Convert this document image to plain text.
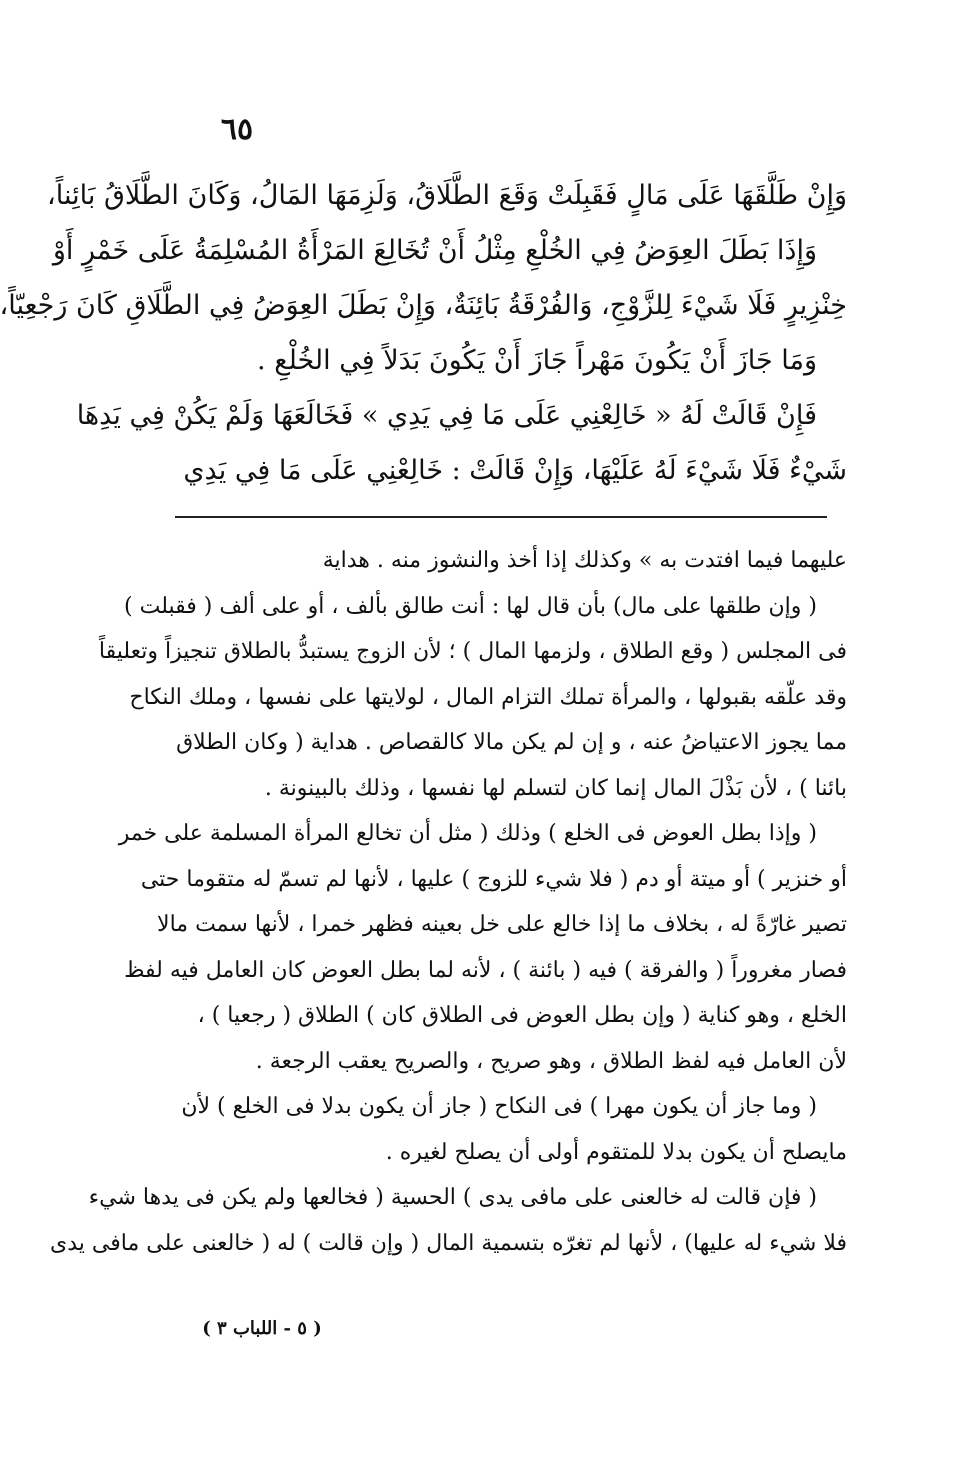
٦٥
وَإِنْ طَلَّقَهَا عَلَى مَالٍ فَقَبِلَتْ وَقَعَ الطَّلَاقُ، وَلَزِمَهَا المَالُ، وَكَانَ الطَّلَاقُ بَائِناً،
وَإِذَا بَطَلَ العِوَضُ فِي الخُلْعِ مِثْلُ أَنْ تُخَالِعَ المَرْأَةُ المُسْلِمَةُ عَلَى خَمْرٍ أَوْ
خِنْزِيرٍ فَلَا شَيْءَ لِلزَّوْجِ، وَالفُرْقَةُ بَائِنَةٌ، وَإِنْ بَطَلَ العِوَضُ فِي الطَّلَاقِ كَانَ رَجْعِيّاً،
وَمَا جَازَ أَنْ يَكُونَ مَهْراً جَازَ أَنْ يَكُونَ بَدَلاً فِي الخُلْعِ .
فَإِنْ قَالَتْ لَهُ « خَالِعْنِي عَلَى مَا فِي يَدِي » فَخَالَعَهَا وَلَمْ يَكُنْ فِي يَدِهَا
شَيْءٌ فَلَا شَيْءَ لَهُ عَلَيْهَا، وَإِنْ قَالَتْ : خَالِعْنِي عَلَى مَا فِي يَدِي
عليهما فيما افتدت به » وكذلك إذا أخذ والنشوز منه . هداية
( وإن طلقها على مال) بأن قال لها : أنت طالق بألف ، أو على ألف ( فقبلت )
فى المجلس ( وقع الطلاق ، ولزمها المال ) ؛ لأن الزوج يستبدُّ بالطلاق تنجيزاً وتعليقاً
وقد علّقه بقبولها ، والمرأة تملك التزام المال ، لولايتها على نفسها ، وملك النكاح
مما يجوز الاعتياضُ عنه ، و إن لم يكن مالا كالقصاص . هداية ( وكان الطلاق
بائنا ) ، لأن بَذْلَ المال إنما كان لتسلم لها نفسها ، وذلك بالبينونة .
( وإذا بطل العوض فى الخلع ) وذلك ( مثل أن تخالع المرأة المسلمة على خمر
أو خنزير ) أو ميتة أو دم ( فلا شيء للزوج ) عليها ، لأنها لم تسمّ له متقوما حتى
تصير غارّةً له ، بخلاف ما إذا خالع على خل بعينه فظهر خمرا ، لأنها سمت مالا
فصار مغروراً ( والفرقة ) فيه ( بائنة ) ، لأنه لما بطل العوض كان العامل فيه لفظ
الخلع ، وهو كناية ( وإن بطل العوض فى الطلاق كان ) الطلاق ( رجعيا ) ،
لأن العامل فيه لفظ الطلاق ، وهو صريح ، والصريح يعقب الرجعة .
( وما جاز أن يكون مهرا ) فى النكاح ( جاز أن يكون بدلا فى الخلع ) لأن
مايصلح أن يكون بدلا للمتقوم أولى أن يصلح لغيره .
( فإن قالت له خالعنى على مافى يدى ) الحسية ( فخالعها ولم يكن فى يدها شيء
فلا شيء له عليها) ، لأنها لم تغرّه بتسمية المال ( وإن قالت ) له ( خالعنى على مافى يدى
( ٥ - اللباب ٣ )
